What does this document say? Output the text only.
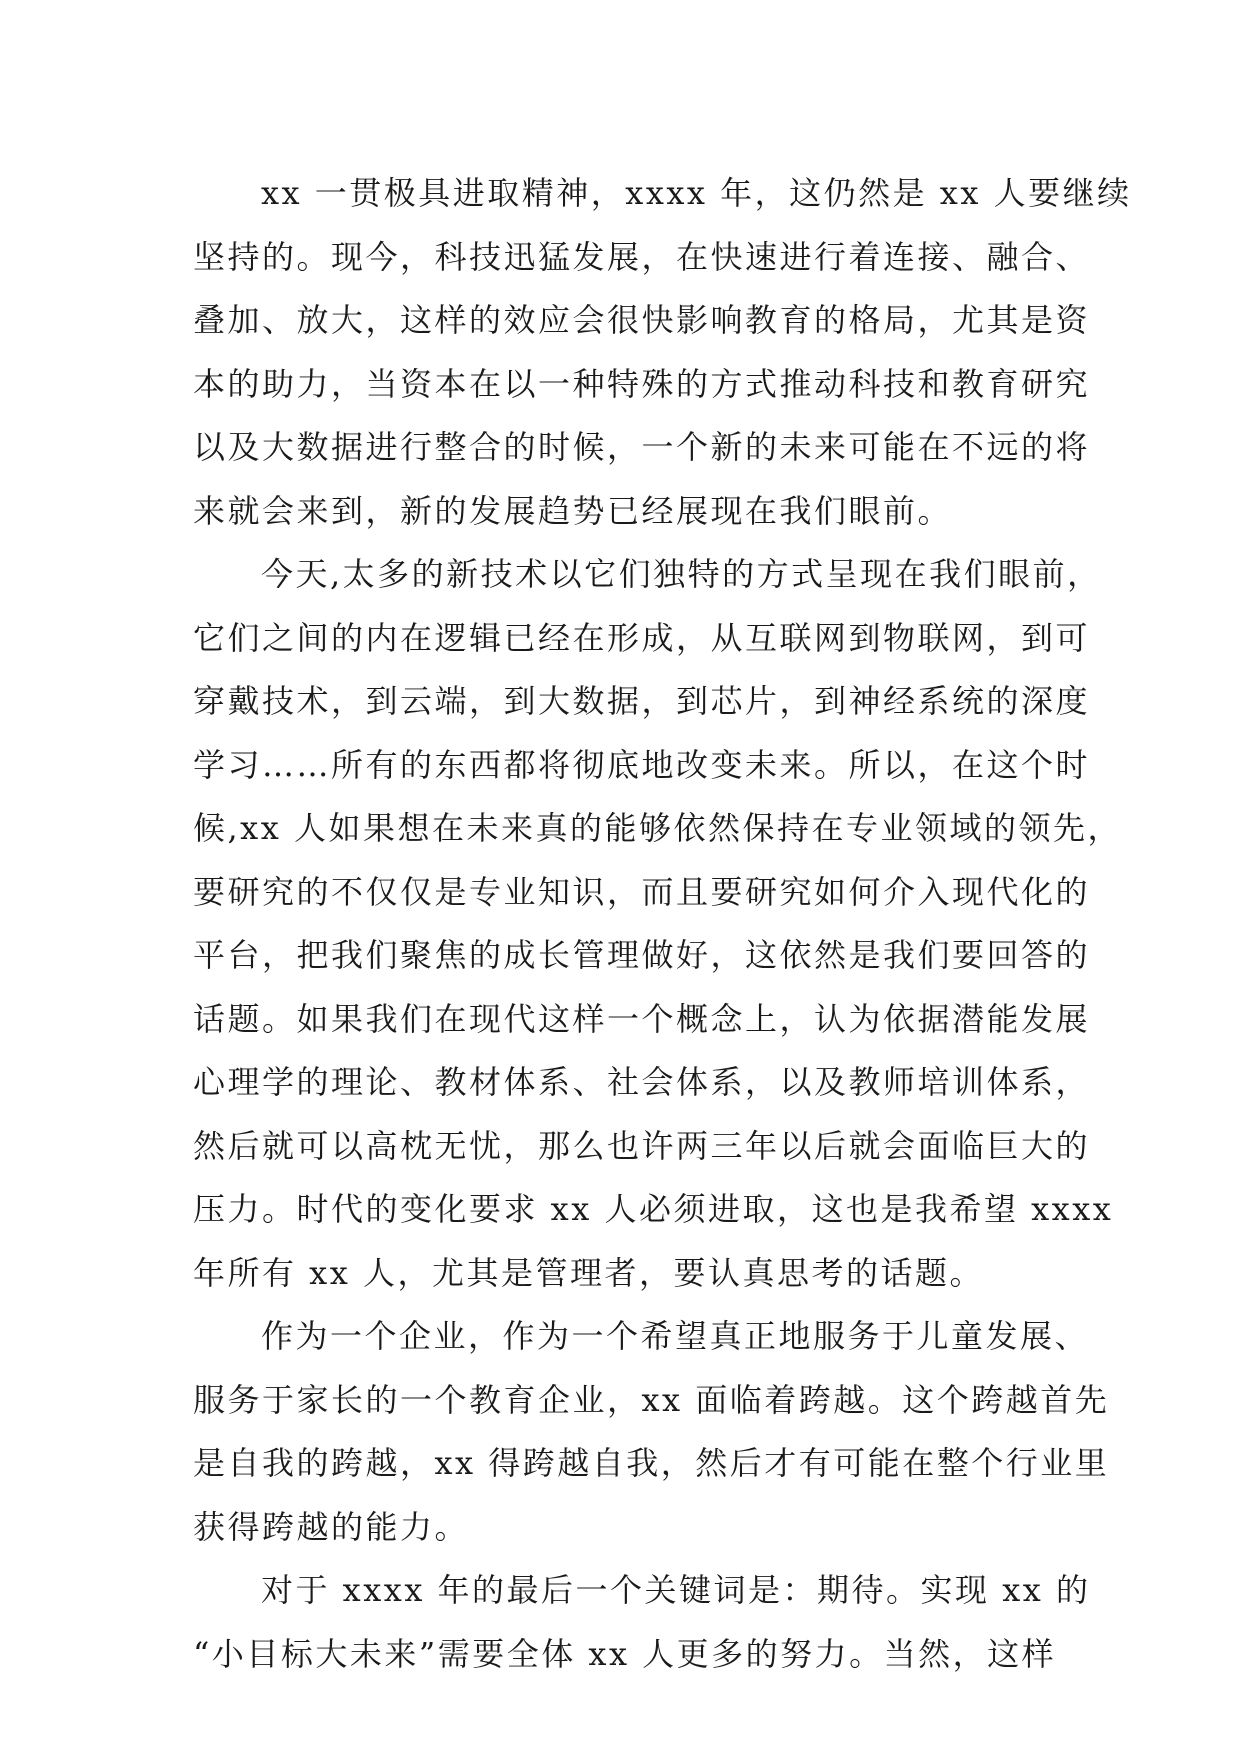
xx 一贯极具进取精神，xxxx 年，这仍然是 xx 人要继续
坚持的。现今，科技迅猛发展，在快速进行着连接、融合、
叠加、放大，这样的效应会很快影响教育的格局，尤其是资
本的助力，当资本在以一种特殊的方式推动科技和教育研究
以及大数据进行整合的时候，一个新的未来可能在不远的将
来就会来到，新的发展趋势已经展现在我们眼前。
今天,太多的新技术以它们独特的方式呈现在我们眼前，
它们之间的内在逻辑已经在形成，从互联网到物联网，到可
穿戴技术，到云端，到大数据，到芯片，到神经系统的深度
学习……所有的东西都将彻底地改变未来。所以，在这个时
候,xx 人如果想在未来真的能够依然保持在专业领域的领先，
要研究的不仅仅是专业知识，而且要研究如何介入现代化的
平台，把我们聚焦的成长管理做好，这依然是我们要回答的
话题。如果我们在现代这样一个概念上，认为依据潜能发展
心理学的理论、教材体系、社会体系，以及教师培训体系，
然后就可以高枕无忧，那么也许两三年以后就会面临巨大的
压力。时代的变化要求 xx 人必须进取，这也是我希望 xxxx
年所有 xx 人，尤其是管理者，要认真思考的话题。
作为一个企业，作为一个希望真正地服务于儿童发展、
服务于家长的一个教育企业，xx 面临着跨越。这个跨越首先
是自我的跨越，xx 得跨越自我，然后才有可能在整个行业里
获得跨越的能力。
对于 xxxx 年的最后一个关键词是：期待。实现 xx 的
“小目标大未来”需要全体 xx 人更多的努力。当然，这样
